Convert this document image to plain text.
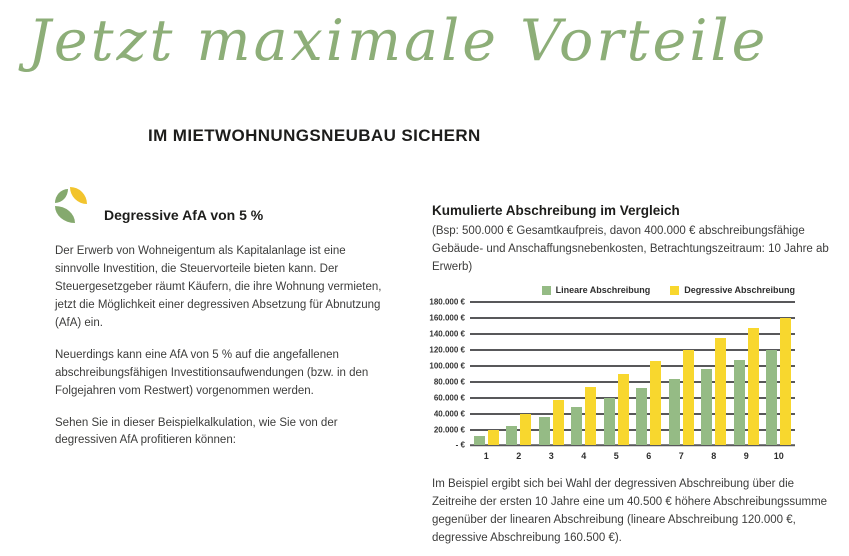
Jetzt maximale Vorteile
IM MIETWOHNUNGSNEUBAU SICHERN
Degressive AfA von 5 %

Der Erwerb von Wohneigentum als Kapitalanlage ist eine sinnvolle Investition, die Steuervorteile bieten kann. Der Steuergesetzgeber räumt Käufern, die ihre Wohnung vermieten, jetzt die Möglichkeit einer degressiven Absetzung für Abnutzung (AfA) ein.

Neuerdings kann eine AfA von 5 % auf die angefallenen abschreibungsfähigen Investitionsaufwendungen (bzw. in den Folgejahren vom Restwert) vorgenommen werden.

Sehen Sie in dieser Beispielkalkulation, wie Sie von der degressiven AfA profitieren können:

Kumulierte Abschreibung im Vergleich

(Bsp: 500.000 € Gesamtkaufpreis, davon 400.000 € abschreibungsfähige Gebäude- und Anschaffungsnebenkosten, Betrachtungszeitraum: 10 Jahre ab Erwerb)

Lineare Abschreibung	Degressive Abschreibung
- €
20.000 €
40.000 €
60.000 €
80.000 €
100.000 €
120.000 €
140.000 €
160.000 €
180.000 €
1	2	3	4	5	6	7	8	9	10

Im Beispiel ergibt sich bei Wahl der degressiven Abschreibung über die Zeitreihe der ersten 10 Jahre eine um 40.500 € höhere Abschreibungssumme gegenüber der linearen Abschreibung (lineare Abschreibung 120.000 €, degressive Abschreibung 160.500 €).
